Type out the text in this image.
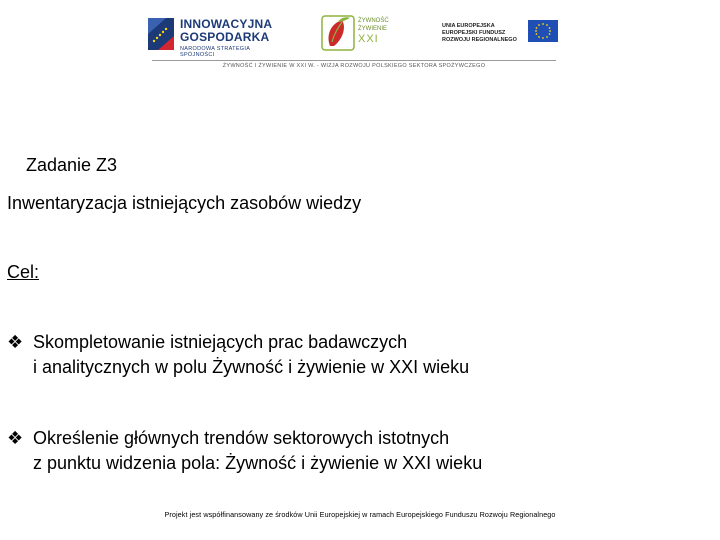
INNOWACYJNA
GOSPODARKA
NARODOWA STRATEGIA SPÓJNOŚCI
ŻYWNOŚĆ
ŻYWIENIE
XXI
UNIA EUROPEJSKA
EUROPEJSKI FUNDUSZ
ROZWOJU REGIONALNEGO
ŻYWNOŚĆ I ŻYWIENIE W XXI W. - WIZJA ROZWOJU POLSKIEGO SEKTORA SPOŻYWCZEGO
Zadanie Z3
Inwentaryzacja istniejących zasobów wiedzy
Cel:
❖ Skompletowanie istniejących prac badawczych
i analitycznych w polu Żywność i żywienie w XXI wieku
❖ Określenie głównych trendów sektorowych istotnych
z punktu widzenia pola: Żywność i żywienie w XXI wieku
Projekt jest współfinansowany ze środków Unii Europejskiej w ramach Europejskiego Funduszu Rozwoju Regionalnego
